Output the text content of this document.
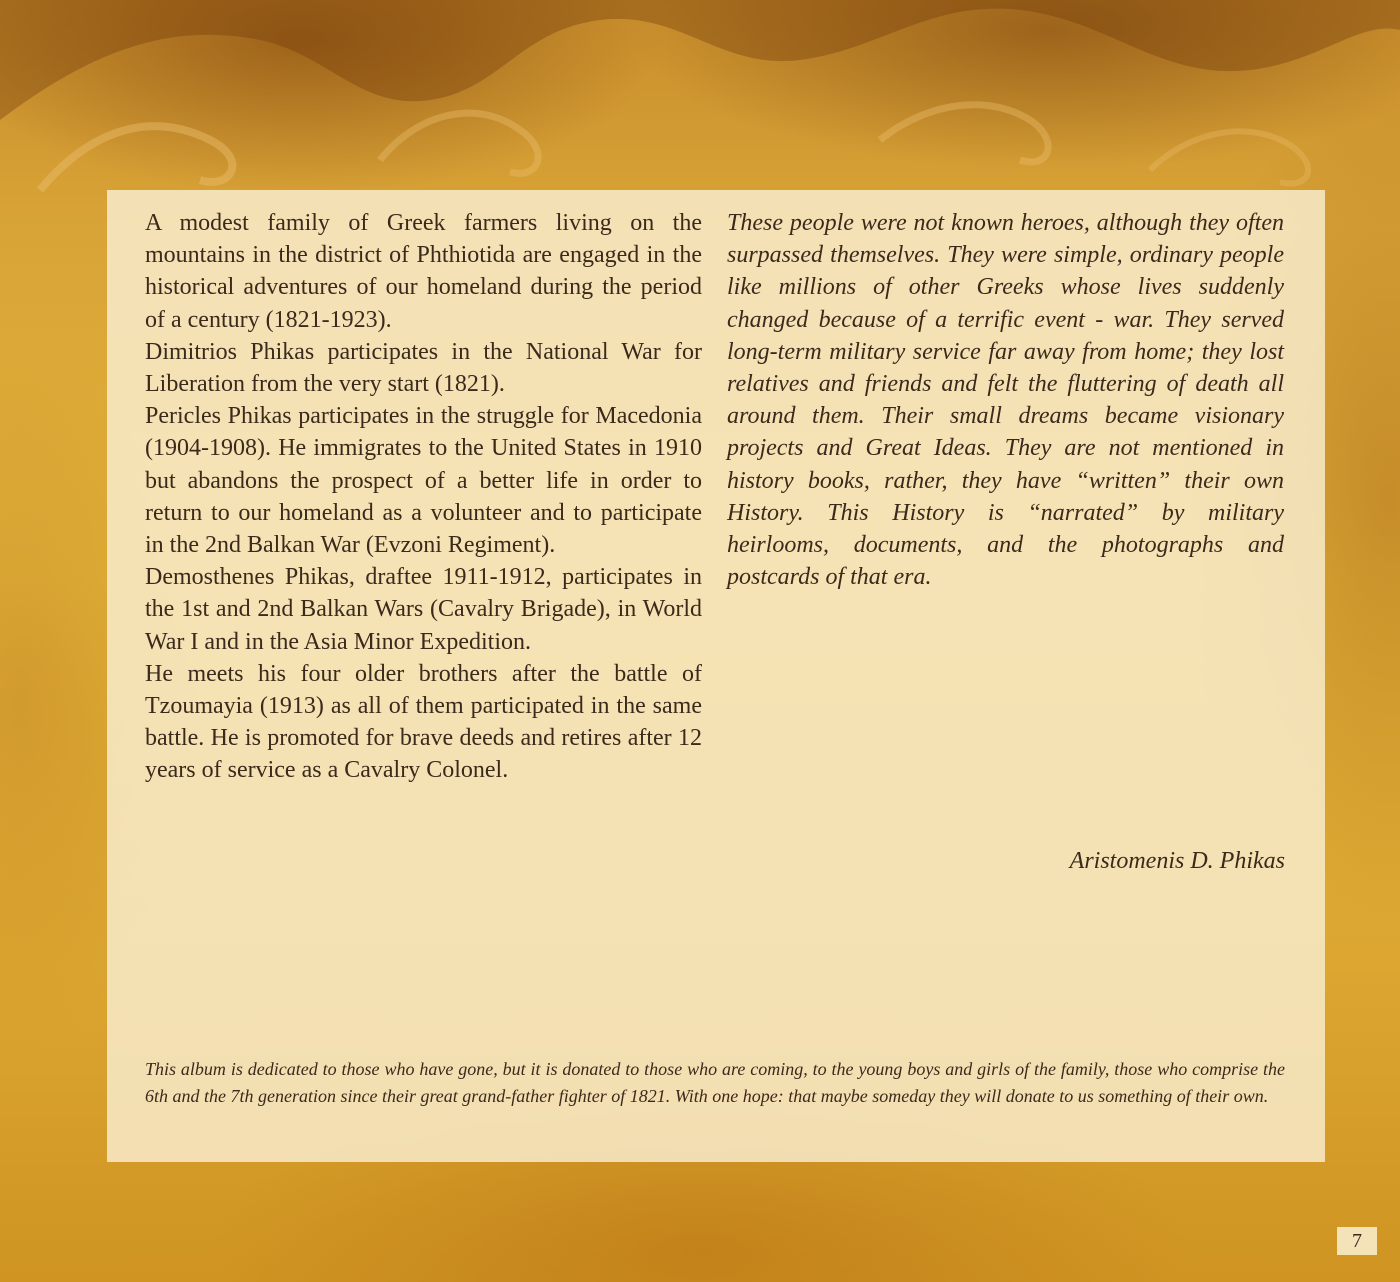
A modest family of Greek farmers living on the mountains in the district of Phthiotida are engaged in the historical adventures of our homeland during the period of a century (1821-1923).

Dimitrios Phikas participates in the National War for Liberation from the very start (1821).

Pericles Phikas participates in the struggle for Macedonia (1904-1908). He immigrates to the United States in 1910 but abandons the prospect of a better life in order to return to our homeland as a volunteer and to participate in the 2nd Balkan War (Evzoni Regiment).

Demosthenes Phikas, draftee 1911-1912, participates in the 1st and 2nd Balkan Wars (Cavalry Brigade), in World War I and in the Asia Minor Expedition.

He meets his four older brothers after the battle of Tzoumayia (1913) as all of them participated in the same battle. He is promoted for brave deeds and retires after 12 years of service as a Cavalry Colonel.

These people were not known heroes, although they often surpassed themselves. They were simple, ordinary people like millions of other Greeks whose lives suddenly changed because of a terrific event - war. They served long-term military service far away from home; they lost relatives and friends and felt the fluttering of death all around them. Their small dreams became visionary projects and Great Ideas. They are not mentioned in history books, rather, they have “written” their own History. This History is “narrated” by military heirlooms, documents, and the photographs and postcards of that era.

Aristomenis D. Phikas
This album is dedicated to those who have gone, but it is donated to those who are coming, to the young boys and girls of the family, those who comprise the 6th and the 7th generation since their great grand-father fighter of 1821. With one hope: that maybe someday they will donate to us something of their own.
7
